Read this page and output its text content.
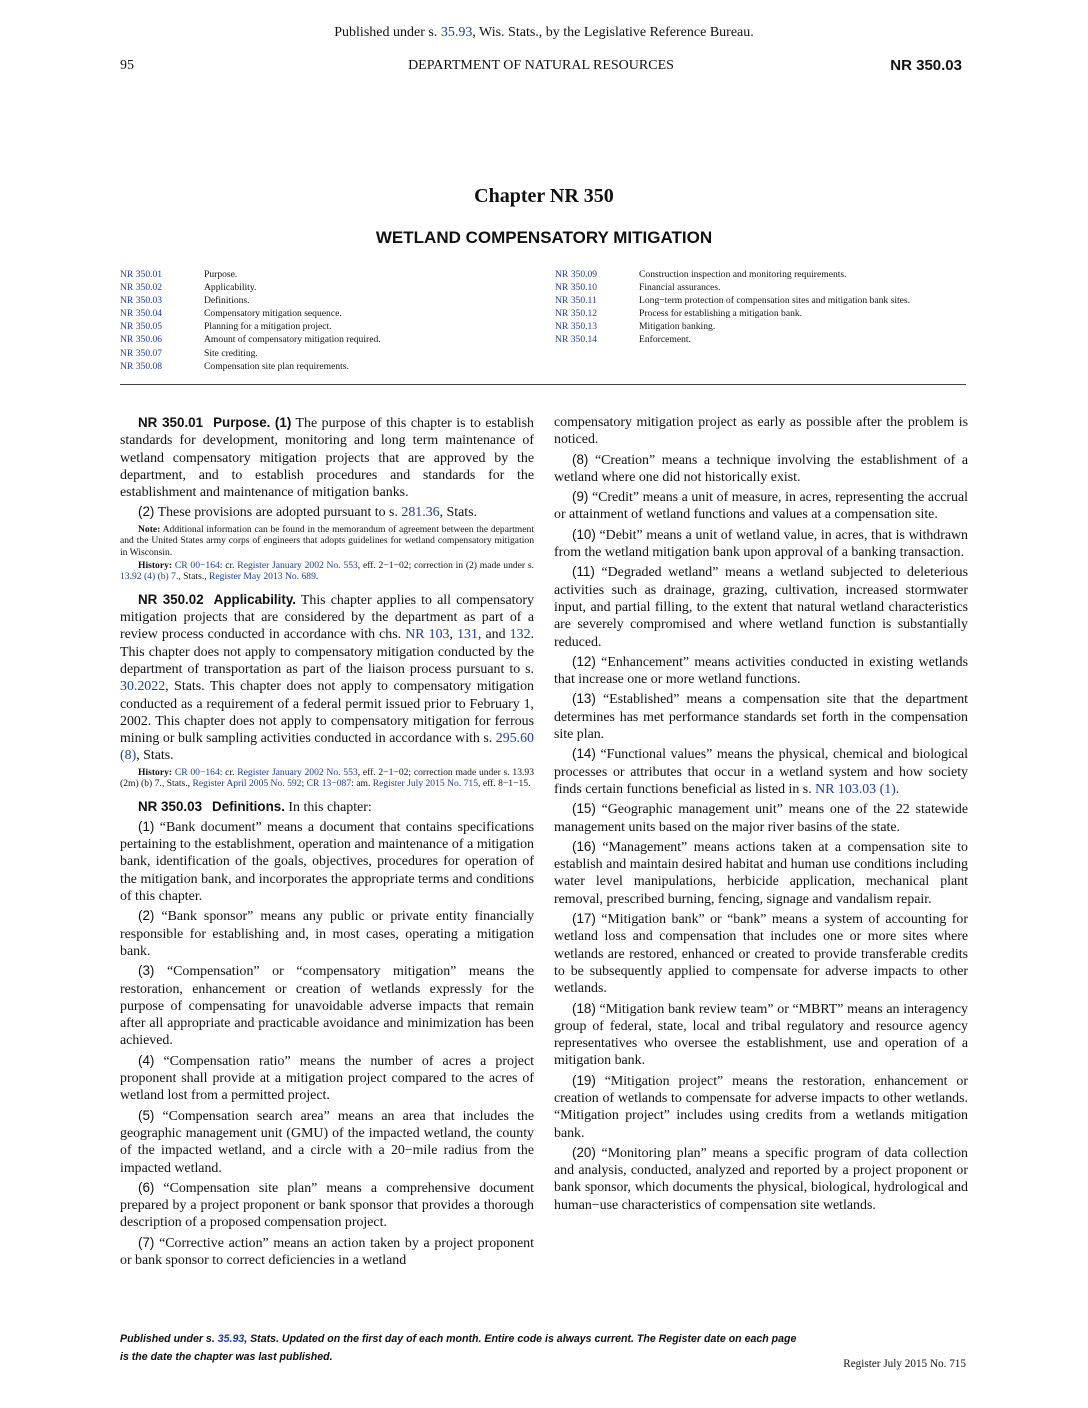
Published under s. 35.93, Wis. Stats., by the Legislative Reference Bureau.
95	DEPARTMENT OF NATURAL RESOURCES	NR 350.03
Chapter NR 350
WETLAND COMPENSATORY MITIGATION
NR 350.01	Purpose.
NR 350.02	Applicability.
NR 350.03	Definitions.
NR 350.04	Compensatory mitigation sequence.
NR 350.05	Planning for a mitigation project.
NR 350.06	Amount of compensatory mitigation required.
NR 350.07	Site crediting.
NR 350.08	Compensation site plan requirements.
NR 350.09	Construction inspection and monitoring requirements.
NR 350.10	Financial assurances.
NR 350.11	Long−term protection of compensation sites and mitigation bank sites.
NR 350.12	Process for establishing a mitigation bank.
NR 350.13	Mitigation banking.
NR 350.14	Enforcement.

NR 350.01 Purpose. (1) The purpose of this chapter is to establish standards for development, monitoring and long term maintenance of wetland compensatory mitigation projects that are approved by the department, and to establish procedures and standards for the establishment and maintenance of mitigation banks.

(2) These provisions are adopted pursuant to s. 281.36, Stats.

Note: Additional information can be found in the memorandum of agreement between the department and the United States army corps of engineers that adopts guidelines for wetland compensatory mitigation in Wisconsin.

History: CR 00−164: cr. Register January 2002 No. 553, eff. 2−1−02; correction in (2) made under s. 13.92 (4) (b) 7., Stats., Register May 2013 No. 689.

NR 350.02 Applicability. This chapter applies to all compensatory mitigation projects that are considered by the department as part of a review process conducted in accordance with chs. NR 103, 131, and 132. This chapter does not apply to compensatory mitigation conducted by the department of transportation as part of the liaison process pursuant to s. 30.2022, Stats. This chapter does not apply to compensatory mitigation conducted as a requirement of a federal permit issued prior to February 1, 2002. This chapter does not apply to compensatory mitigation for ferrous mining or bulk sampling activities conducted in accordance with s. 295.60 (8), Stats.

History: CR 00−164: cr. Register January 2002 No. 553, eff. 2−1−02; correction made under s. 13.93 (2m) (b) 7., Stats., Register April 2005 No. 592; CR 13−087: am. Register July 2015 No. 715, eff. 8−1−15.

NR 350.03 Definitions. In this chapter:

(1) “Bank document” means a document that contains specifications pertaining to the establishment, operation and maintenance of a mitigation bank, identification of the goals, objectives, procedures for operation of the mitigation bank, and incorporates the appropriate terms and conditions of this chapter.

(2) “Bank sponsor” means any public or private entity financially responsible for establishing and, in most cases, operating a mitigation bank.

(3) “Compensation” or “compensatory mitigation” means the restoration, enhancement or creation of wetlands expressly for the purpose of compensating for unavoidable adverse impacts that remain after all appropriate and practicable avoidance and minimization has been achieved.

(4) “Compensation ratio” means the number of acres a project proponent shall provide at a mitigation project compared to the acres of wetland lost from a permitted project.

(5) “Compensation search area” means an area that includes the geographic management unit (GMU) of the impacted wetland, the county of the impacted wetland, and a circle with a 20−mile radius from the impacted wetland.

(6) “Compensation site plan” means a comprehensive document prepared by a project proponent or bank sponsor that provides a thorough description of a proposed compensation project.

(7) “Corrective action” means an action taken by a project proponent or bank sponsor to correct deficiencies in a wetland

compensatory mitigation project as early as possible after the problem is noticed.

(8) “Creation” means a technique involving the establishment of a wetland where one did not historically exist.

(9) “Credit” means a unit of measure, in acres, representing the accrual or attainment of wetland functions and values at a compensation site.

(10) “Debit” means a unit of wetland value, in acres, that is withdrawn from the wetland mitigation bank upon approval of a banking transaction.

(11) “Degraded wetland” means a wetland subjected to deleterious activities such as drainage, grazing, cultivation, increased stormwater input, and partial filling, to the extent that natural wetland characteristics are severely compromised and where wetland function is substantially reduced.

(12) “Enhancement” means activities conducted in existing wetlands that increase one or more wetland functions.

(13) “Established” means a compensation site that the department determines has met performance standards set forth in the compensation site plan.

(14) “Functional values” means the physical, chemical and biological processes or attributes that occur in a wetland system and how society finds certain functions beneficial as listed in s. NR 103.03 (1).

(15) “Geographic management unit” means one of the 22 statewide management units based on the major river basins of the state.

(16) “Management” means actions taken at a compensation site to establish and maintain desired habitat and human use conditions including water level manipulations, herbicide application, mechanical plant removal, prescribed burning, fencing, signage and vandalism repair.

(17) “Mitigation bank” or “bank” means a system of accounting for wetland loss and compensation that includes one or more sites where wetlands are restored, enhanced or created to provide transferable credits to be subsequently applied to compensate for adverse impacts to other wetlands.

(18) “Mitigation bank review team” or “MBRT” means an interagency group of federal, state, local and tribal regulatory and resource agency representatives who oversee the establishment, use and operation of a mitigation bank.

(19) “Mitigation project” means the restoration, enhancement or creation of wetlands to compensate for adverse impacts to other wetlands. “Mitigation project” includes using credits from a wetlands mitigation bank.

(20) “Monitoring plan” means a specific program of data collection and analysis, conducted, analyzed and reported by a project proponent or bank sponsor, which documents the physical, biological, hydrological and human−use characteristics of compensation site wetlands.

Published under s. 35.93, Stats. Updated on the first day of each month. Entire code is always current. The Register date on each page
is the date the chapter was last published.
Register July 2015 No. 715
